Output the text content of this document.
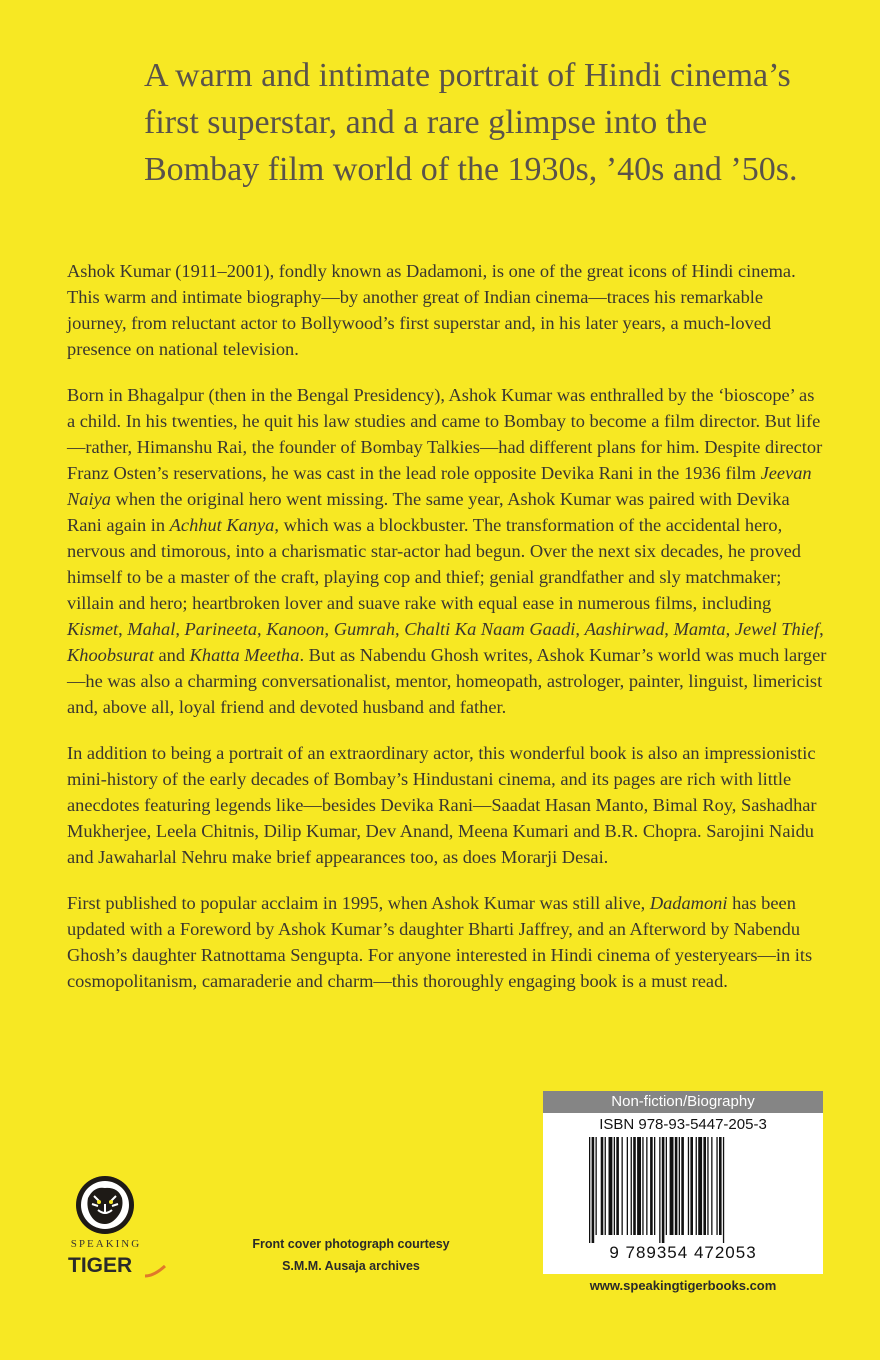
A warm and intimate portrait of Hindi cinema’s first superstar, and a rare glimpse into the Bombay film world of the 1930s, ’40s and ’50s.

Ashok Kumar (1911–2001), fondly known as Dadamoni, is one of the great icons of Hindi cinema. This warm and intimate biography—by another great of Indian cinema—traces his remarkable journey, from reluctant actor to Bollywood’s first superstar and, in his later years, a much-loved presence on national television.

Born in Bhagalpur (then in the Bengal Presidency), Ashok Kumar was enthralled by the ‘bioscope’ as a child. In his twenties, he quit his law studies and came to Bombay to become a film director. But life—rather, Himanshu Rai, the founder of Bombay Talkies—had different plans for him. Despite director Franz Osten’s reservations, he was cast in the lead role opposite Devika Rani in the 1936 film Jeevan Naiya when the original hero went missing. The same year, Ashok Kumar was paired with Devika Rani again in Achhut Kanya, which was a blockbuster. The transformation of the accidental hero, nervous and timorous, into a charismatic star-actor had begun. Over the next six decades, he proved himself to be a master of the craft, playing cop and thief; genial grandfather and sly matchmaker; villain and hero; heartbroken lover and suave rake with equal ease in numerous films, including Kismet, Mahal, Parineeta, Kanoon, Gumrah, Chalti Ka Naam Gaadi, Aashirwad, Mamta, Jewel Thief, Khoobsurat and Khatta Meetha. But as Nabendu Ghosh writes, Ashok Kumar’s world was much larger—he was also a charming conversationalist, mentor, homeopath, astrologer, painter, linguist, limericist and, above all, loyal friend and devoted husband and father.

In addition to being a portrait of an extraordinary actor, this wonderful book is also an impressionistic mini-history of the early decades of Bombay’s Hindustani cinema, and its pages are rich with little anecdotes featuring legends like—besides Devika Rani—Saadat Hasan Manto, Bimal Roy, Sashadhar Mukherjee, Leela Chitnis, Dilip Kumar, Dev Anand, Meena Kumari and B.R. Chopra. Sarojini Naidu and Jawaharlal Nehru make brief appearances too, as does Morarji Desai.

First published to popular acclaim in 1995, when Ashok Kumar was still alive, Dadamoni has been updated with a Foreword by Ashok Kumar’s daughter Bharti Jaffrey, and an Afterword by Nabendu Ghosh’s daughter Ratnottama Sengupta. For anyone interested in Hindi cinema of yesteryears—in its cosmopolitanism, camaraderie and charm—this thoroughly engaging book is a must read.

SPEAKING
TIGER
Front cover photograph courtesy
S.M.M. Ausaja archives
Non-fiction/Biography
ISBN 978-93-5447-205-3
9 789354 472053
www.speakingtigerbooks.com
